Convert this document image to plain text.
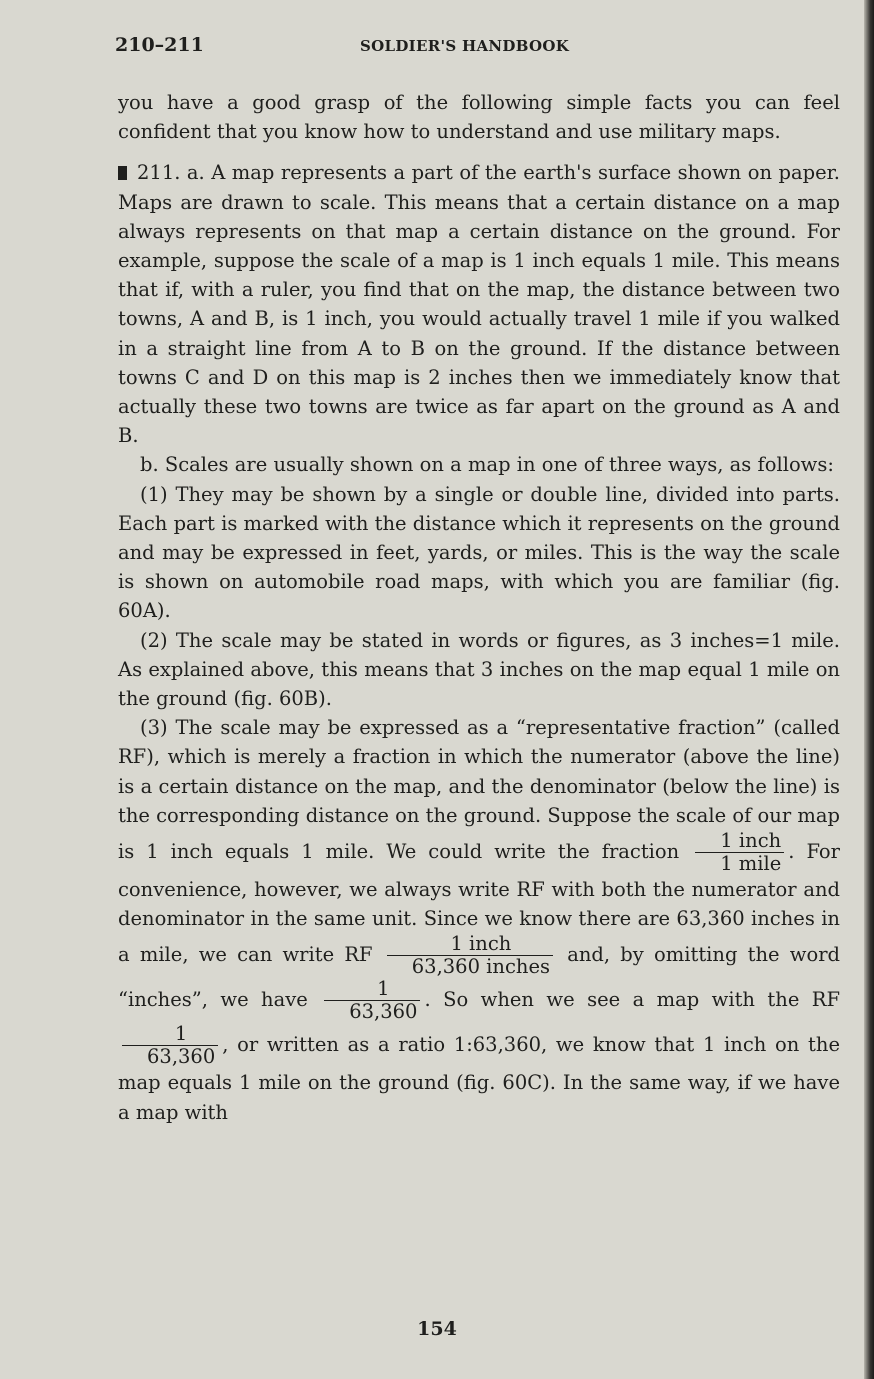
210–211	SOLDIER'S HANDBOOK

you have a good grasp of the following simple facts you can feel confident that you know how to understand and use military maps.

211. a. A map represents a part of the earth's surface shown on paper. Maps are drawn to scale. This means that a certain distance on a map always represents on that map a certain distance on the ground. For example, suppose the scale of a map is 1 inch equals 1 mile. This means that if, with a ruler, you find that on the map, the distance between two towns, A and B, is 1 inch, you would actually travel 1 mile if you walked in a straight line from A to B on the ground. If the distance between towns C and D on this map is 2 inches then we immediately know that actually these two towns are twice as far apart on the ground as A and B.

b. Scales are usually shown on a map in one of three ways, as follows:

(1) They may be shown by a single or double line, divided into parts. Each part is marked with the distance which it represents on the ground and may be expressed in feet, yards, or miles. This is the way the scale is shown on automobile road maps, with which you are familiar (fig. 60A).

(2) The scale may be stated in words or figures, as 3 inches=1 mile. As explained above, this means that 3 inches on the map equal 1 mile on the ground (fig. 60B).

(3) The scale may be expressed as a “representative fraction” (called RF), which is merely a fraction in which the numerator (above the line) is a certain distance on the map, and the denominator (below the line) is the corresponding distance on the ground. Suppose the scale of our map is 1 inch equals 1 mile. We could write the fraction $\frac{\text{1 inch}}{\text{1 mile}}$ . For convenience, however, we always write RF with both the numerator and denominator in the same unit. Since we know there are 63,360 inches in a mile, we can write RF $\frac{\text{1 inch}}{\text{63,360 inches}}$ and, by omitting the word “inches”, we have $\frac{1}{63,360}$ . So when we see a map with the RF
$\frac{1}{63,360}$ , or written as a ratio 1:63,360, we know that 1 inch on the map equals 1 mile on the ground (fig. 60C). In the same way, if we have a map with

154
